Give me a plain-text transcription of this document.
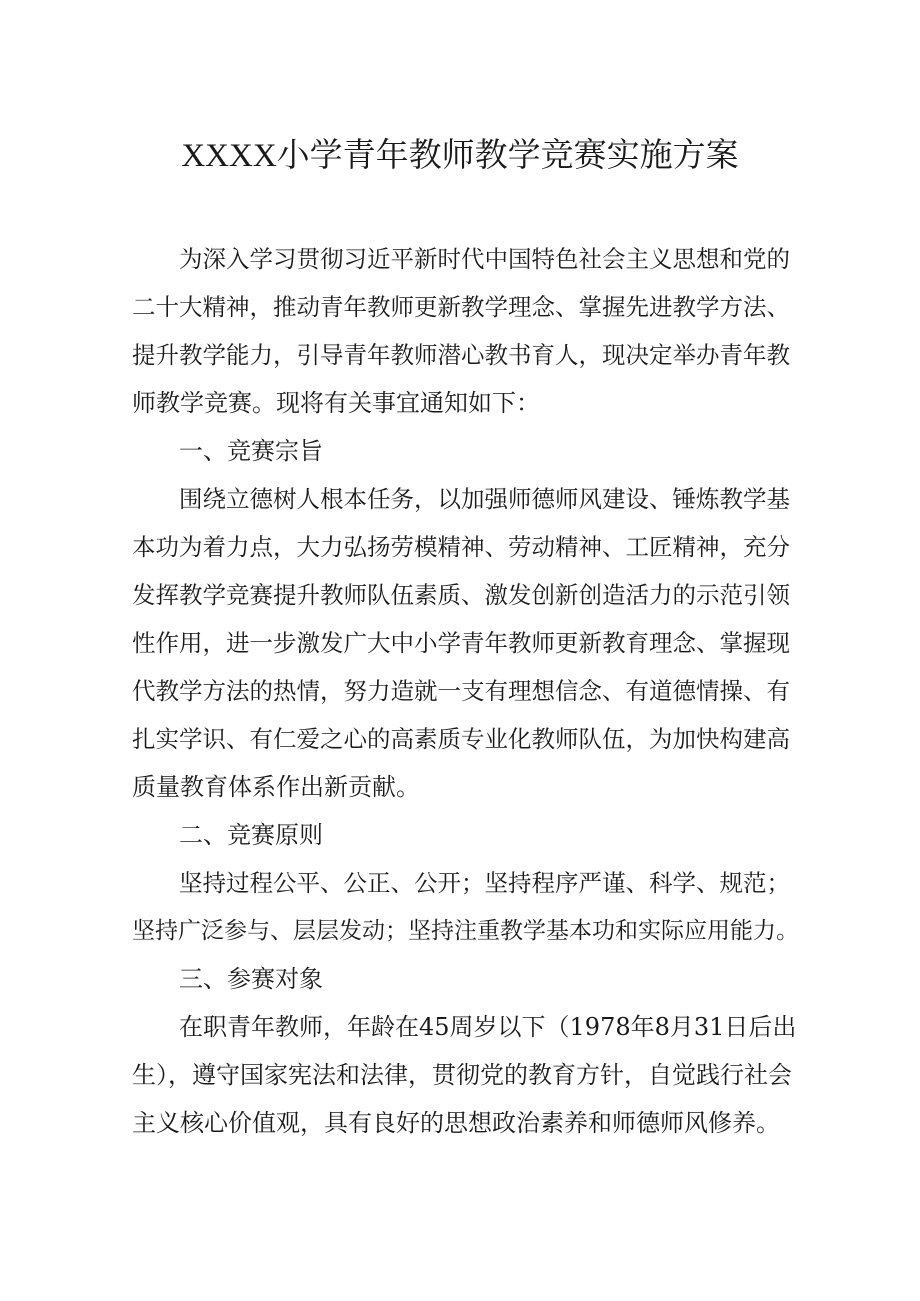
XXXX小学青年教师教学竞赛实施方案
为深入学习贯彻习近平新时代中国特色社会主义思想和党的
二十大精神，推动青年教师更新教学理念、掌握先进教学方法、
提升教学能力，引导青年教师潜心教书育人，现决定举办青年教
师教学竞赛。现将有关事宜通知如下：
一、竞赛宗旨
围绕立德树人根本任务，以加强师德师风建设、锤炼教学基
本功为着力点，大力弘扬劳模精神、劳动精神、工匠精神，充分
发挥教学竞赛提升教师队伍素质、激发创新创造活力的示范引领
性作用，进一步激发广大中小学青年教师更新教育理念、掌握现
代教学方法的热情，努力造就一支有理想信念、有道德情操、有
扎实学识、有仁爱之心的高素质专业化教师队伍，为加快构建高
质量教育体系作出新贡献。
二、竞赛原则
坚持过程公平、公正、公开；坚持程序严谨、科学、规范；
坚持广泛参与、层层发动；坚持注重教学基本功和实际应用能力。
三、参赛对象
在职青年教师，年龄在45周岁以下（1978年8月31日后出
生），遵守国家宪法和法律，贯彻党的教育方针，自觉践行社会
主义核心价值观，具有良好的思想政治素养和师德师风修养。
